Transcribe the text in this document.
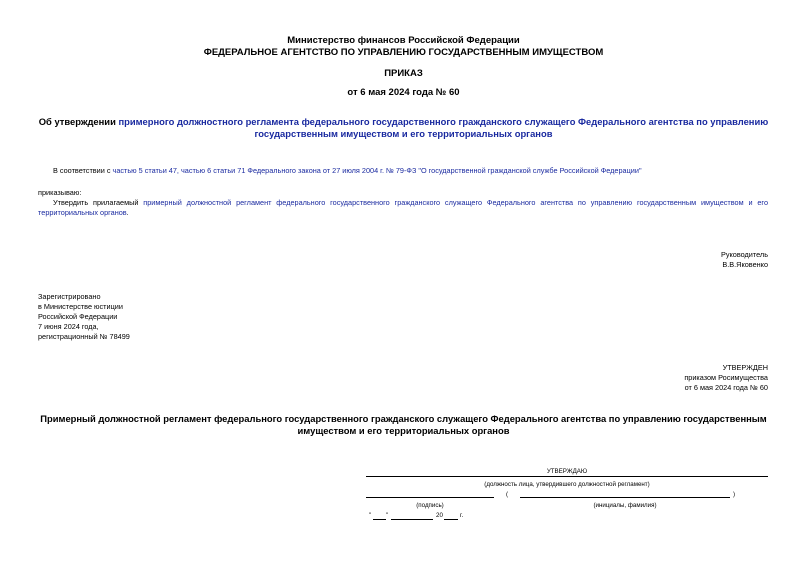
Министерство финансов Российской Федерации
ФЕДЕРАЛЬНОЕ АГЕНТСТВО ПО УПРАВЛЕНИЮ ГОСУДАРСТВЕННЫМ ИМУЩЕСТВОМ
ПРИКАЗ
от 6 мая 2024 года № 60
Об утверждении примерного должностного регламента федерального государственного гражданского служащего Федерального агентства по управлению
государственным имуществом и его территориальных органов
В соответствии с частью 5 статьи 47, частью 6 статьи 71 Федерального закона от 27 июля 2004 г. № 79-ФЗ "О государственной гражданской службе Российской Федерации"
приказываю:
Утвердить прилагаемый примерный должностной регламент федерального государственного гражданского служащего Федерального агентства по управлению государственным имуществом и его
территориальных органов.
Руководитель
В.В.Яковенко
Зарегистрировано
в Министерстве юстиции
Российской Федерации
7 июня 2024 года,
регистрационный № 78499
УТВЕРЖДЕН
приказом Росимущества
от 6 мая 2024 года № 60
Примерный должностной регламент федерального государственного гражданского служащего Федерального агентства по управлению государственным
имуществом и его территориальных органов
УТВЕРЖДАЮ
(должность лица, утвердившего должностной регламент)
(	)
(подпись)	(инициалы, фамилия)
" "	20	г.
